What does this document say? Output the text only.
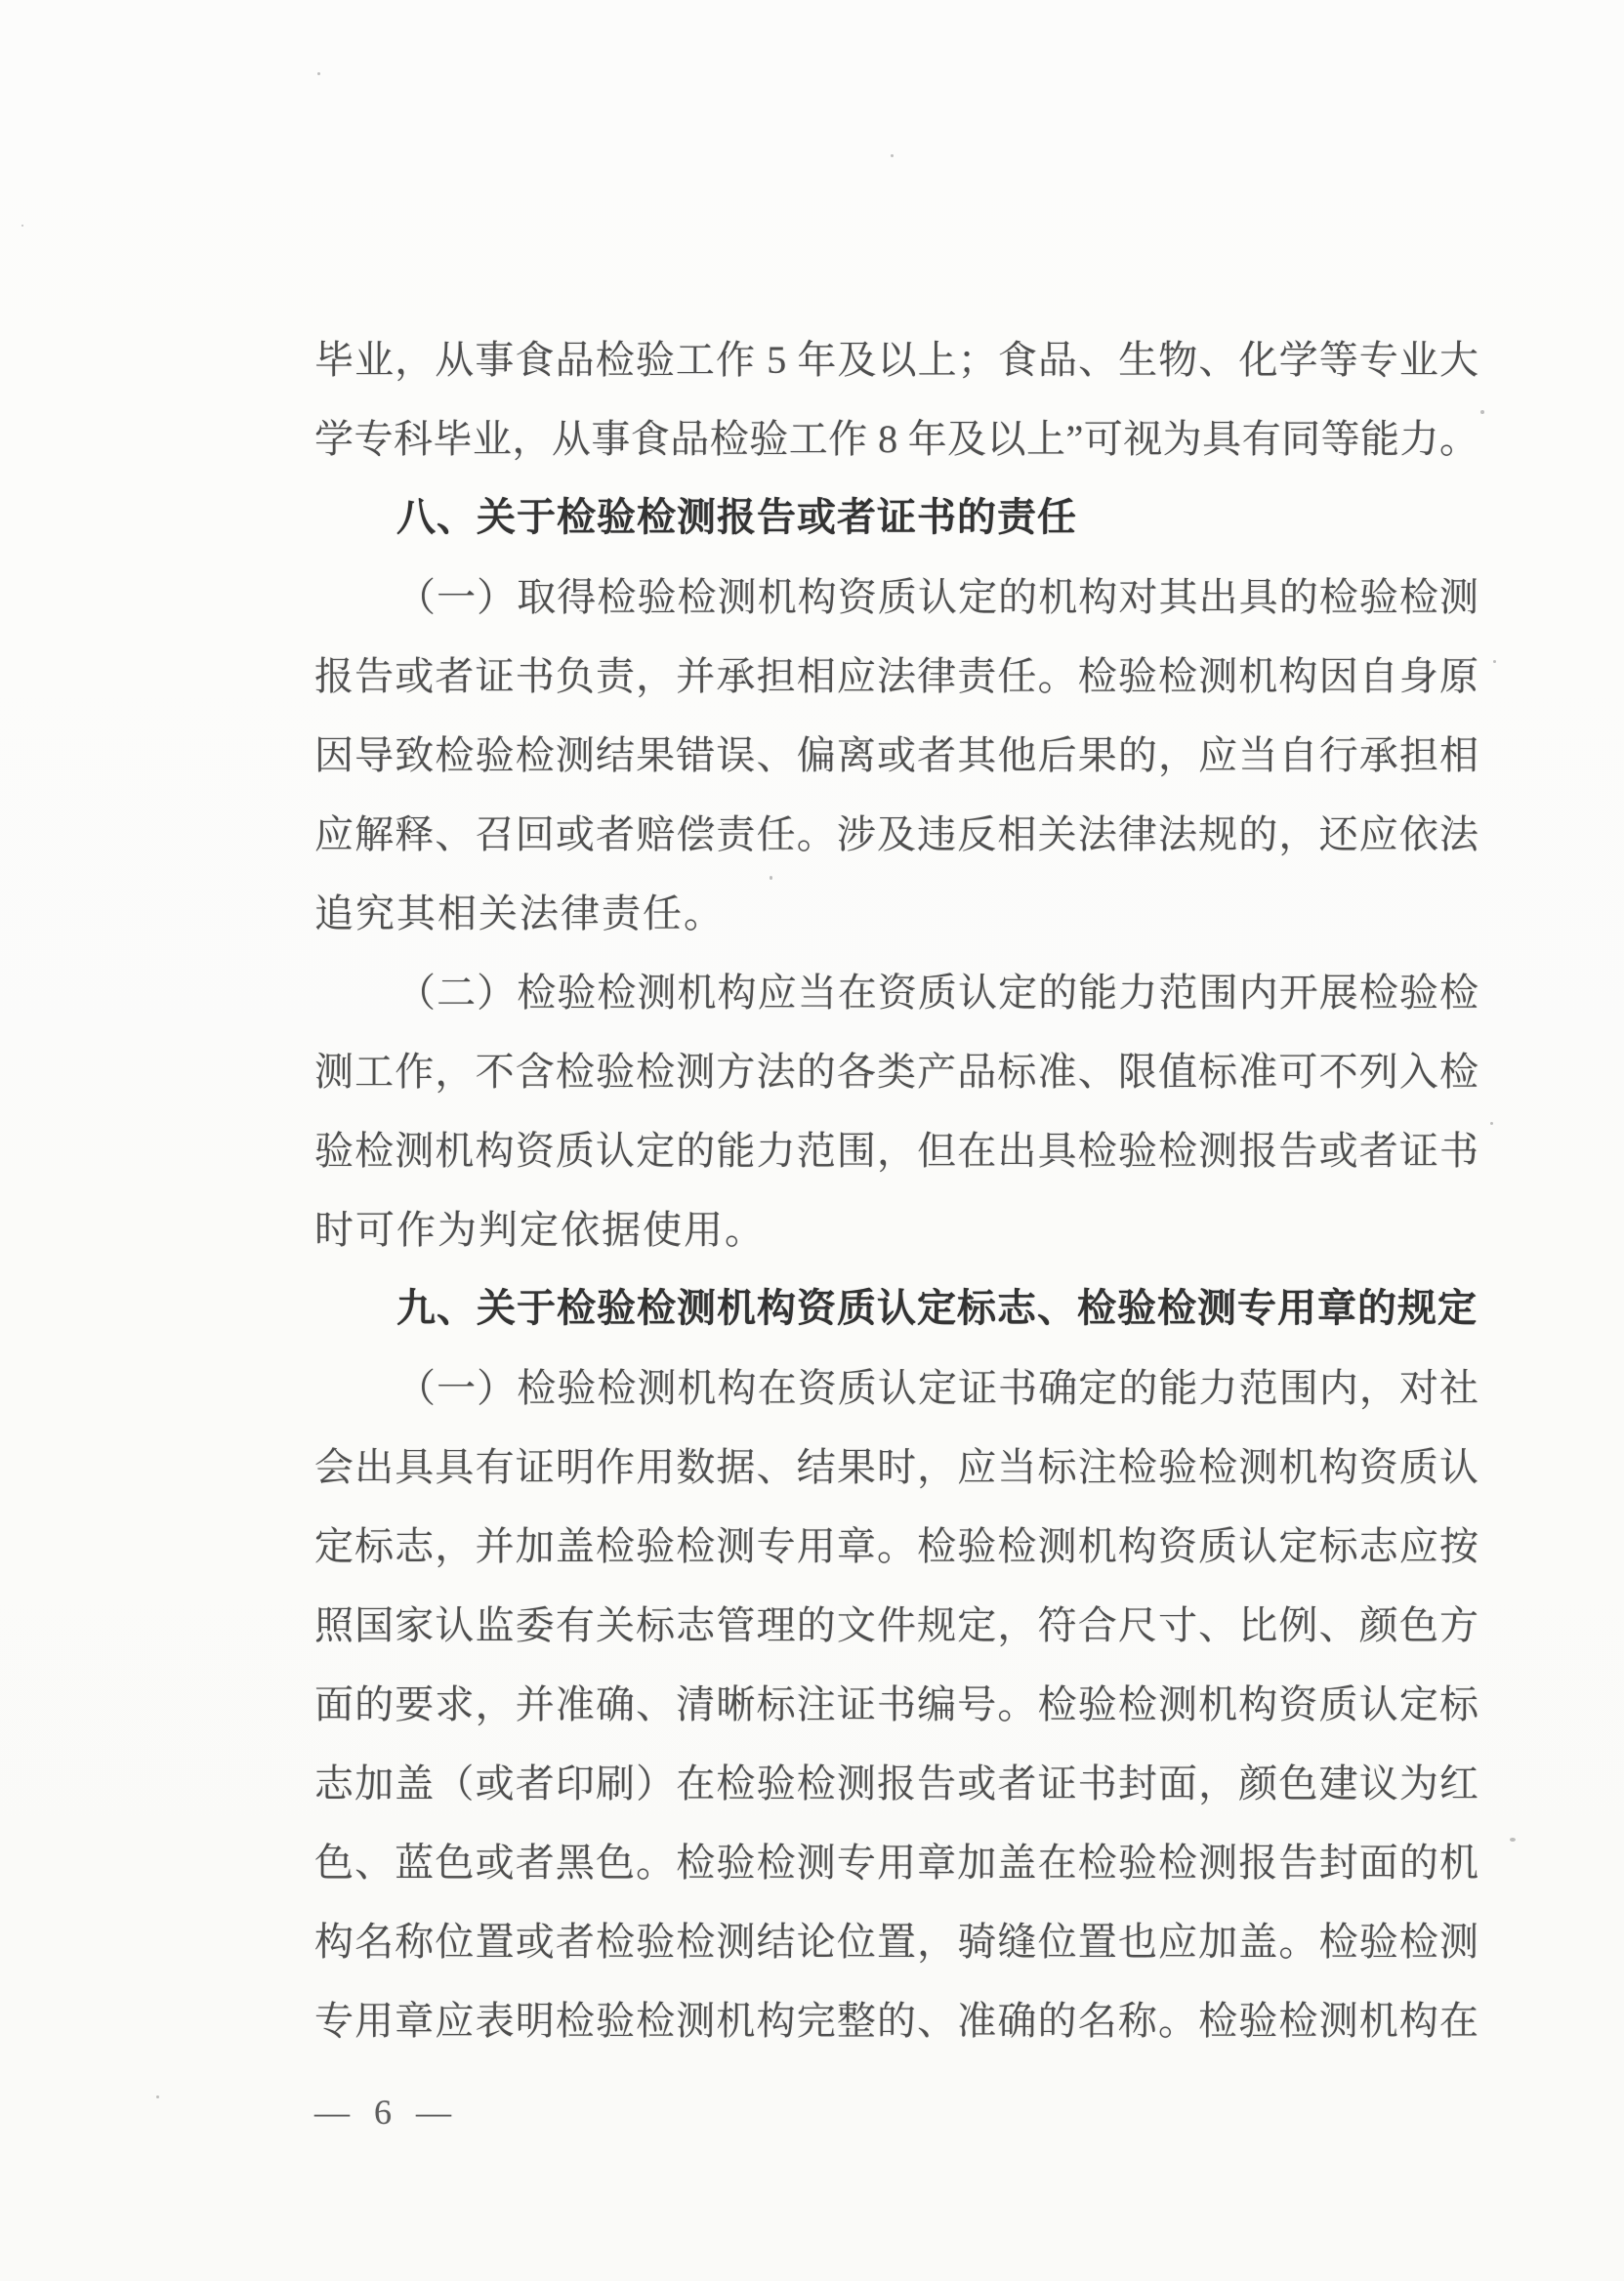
毕业，从事食品检验工作 5 年及以上；食品、生物、化学等专业大
学专科毕业，从事食品检验工作 8 年及以上”可视为具有同等能力。
八、关于检验检测报告或者证书的责任
（一）取得检验检测机构资质认定的机构对其出具的检验检测
报告或者证书负责，并承担相应法律责任。检验检测机构因自身原
因导致检验检测结果错误、偏离或者其他后果的，应当自行承担相
应解释、召回或者赔偿责任。涉及违反相关法律法规的，还应依法
追究其相关法律责任。
（二）检验检测机构应当在资质认定的能力范围内开展检验检
测工作，不含检验检测方法的各类产品标准、限值标准可不列入检
验检测机构资质认定的能力范围，但在出具检验检测报告或者证书
时可作为判定依据使用。
九、关于检验检测机构资质认定标志、检验检测专用章的规定
（一）检验检测机构在资质认定证书确定的能力范围内，对社
会出具具有证明作用数据、结果时，应当标注检验检测机构资质认
定标志，并加盖检验检测专用章。检验检测机构资质认定标志应按
照国家认监委有关标志管理的文件规定，符合尺寸、比例、颜色方
面的要求，并准确、清晰标注证书编号。检验检测机构资质认定标
志加盖（或者印刷）在检验检测报告或者证书封面，颜色建议为红
色、蓝色或者黑色。检验检测专用章加盖在检验检测报告封面的机
构名称位置或者检验检测结论位置，骑缝位置也应加盖。检验检测
专用章应表明检验检测机构完整的、准确的名称。检验检测机构在
— 6 —
